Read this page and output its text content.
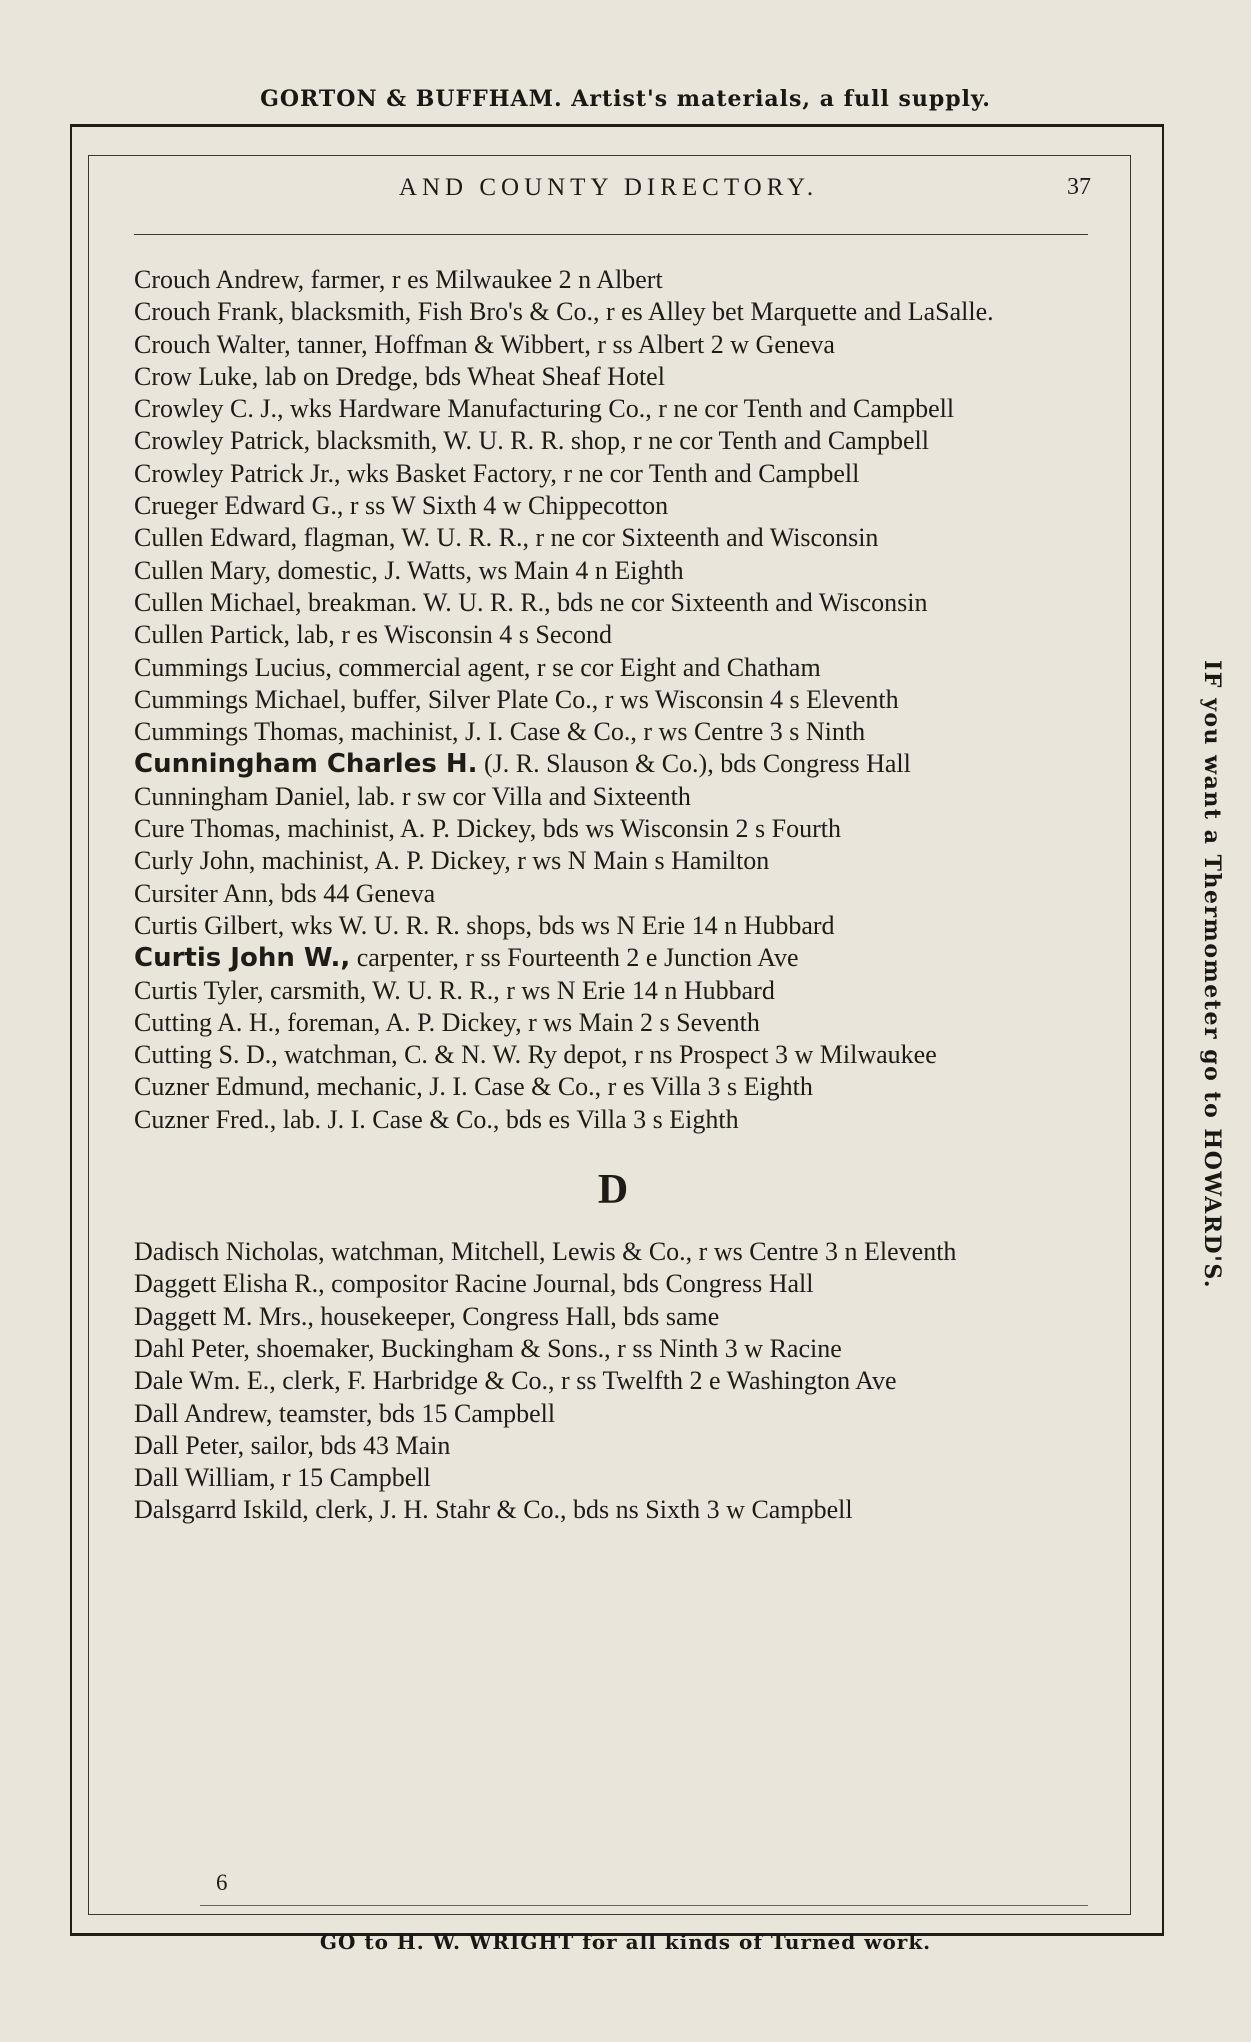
GORTON & BUFFHAM. Artist's materials, a full supply.
AND COUNTY DIRECTORY.	37
Crouch Andrew, farmer, r es Milwaukee 2 n Albert
Crouch Frank, blacksmith, Fish Bro's & Co., r es Alley bet Marquette and LaSalle.
Crouch Walter, tanner, Hoffman & Wibbert, r ss Albert 2 w Geneva
Crow Luke, lab on Dredge, bds Wheat Sheaf Hotel
Crowley C. J., wks Hardware Manufacturing Co., r ne cor Tenth and Campbell
Crowley Patrick, blacksmith, W. U. R. R. shop, r ne cor Tenth and Campbell
Crowley Patrick Jr., wks Basket Factory, r ne cor Tenth and Campbell
Crueger Edward G., r ss W Sixth 4 w Chippecotton
Cullen Edward, flagman, W. U. R. R., r ne cor Sixteenth and Wisconsin
Cullen Mary, domestic, J. Watts, ws Main 4 n Eighth
Cullen Michael, breakman. W. U. R. R., bds ne cor Sixteenth and Wisconsin
Cullen Partick, lab, r es Wisconsin 4 s Second
Cummings Lucius, commercial agent, r se cor Eight and Chatham
Cummings Michael, buffer, Silver Plate Co., r ws Wisconsin 4 s Eleventh
Cummings Thomas, machinist, J. I. Case & Co., r ws Centre 3 s Ninth
Cunningham Charles H. (J. R. Slauson & Co.), bds Congress Hall
Cunningham Daniel, lab. r sw cor Villa and Sixteenth
Cure Thomas, machinist, A. P. Dickey, bds ws Wisconsin 2 s Fourth
Curly John, machinist, A. P. Dickey, r ws N Main s Hamilton
Cursiter Ann, bds 44 Geneva
Curtis Gilbert, wks W. U. R. R. shops, bds ws N Erie 14 n Hubbard
Curtis John W., carpenter, r ss Fourteenth 2 e Junction Ave
Curtis Tyler, carsmith, W. U. R. R., r ws N Erie 14 n Hubbard
Cutting A. H., foreman, A. P. Dickey, r ws Main 2 s Seventh
Cutting S. D., watchman, C. & N. W. Ry depot, r ns Prospect 3 w Milwaukee
Cuzner Edmund, mechanic, J. I. Case & Co., r es Villa 3 s Eighth
Cuzner Fred., lab. J. I. Case & Co., bds es Villa 3 s Eighth
D
Dadisch Nicholas, watchman, Mitchell, Lewis & Co., r ws Centre 3 n Eleventh
Daggett Elisha R., compositor Racine Journal, bds Congress Hall
Daggett M. Mrs., housekeeper, Congress Hall, bds same
Dahl Peter, shoemaker, Buckingham & Sons., r ss Ninth 3 w Racine
Dale Wm. E., clerk, F. Harbridge & Co., r ss Twelfth 2 e Washington Ave
Dall Andrew, teamster, bds 15 Campbell
Dall Peter, sailor, bds 43 Main
Dall William, r 15 Campbell
Dalsgarrd Iskild, clerk, J. H. Stahr & Co., bds ns Sixth 3 w Campbell
6
IF you want a Thermometer go to HOWARD'S.
GO to H. W. WRIGHT for all kinds of Turned work.
